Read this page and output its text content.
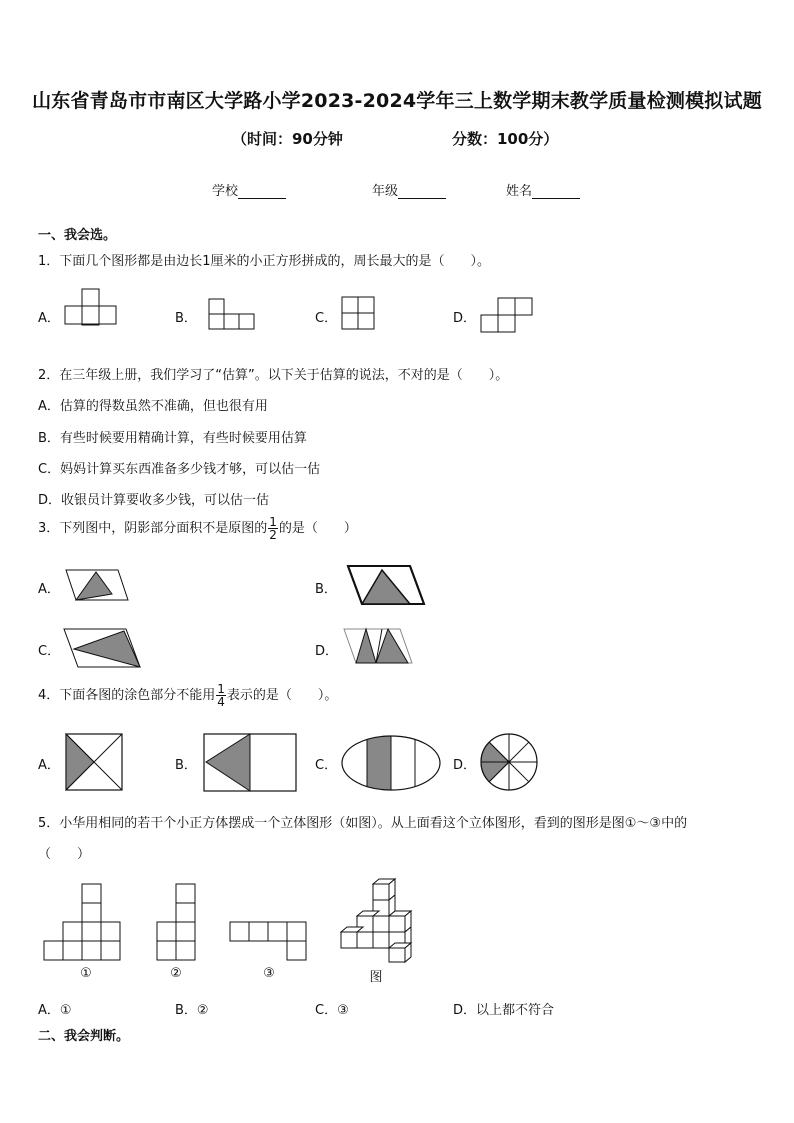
山东省青岛市市南区大学路小学2023-2024学年三上数学期末教学质量检测模拟试题
（时间：90分钟	分数：100分）
学校	年级	姓名
一、我会选。
1．下面几个图形都是由边长1厘米的小正方形拼成的，周长最大的是（　　）。
A．	B．	C．	D．
2．在三年级上册，我们学习了“估算”。以下关于估算的说法，不对的是（　　）。
A．估算的得数虽然不准确，但也很有用
B．有些时候要用精确计算，有些时候要用估算
C．妈妈计算买东西准备多少钱才够，可以估一估
D．收银员计算要收多少钱，可以估一估
3．下列图中，阴影部分面积不是原图的 $\frac{1}{2}$ 的是（　　）
A．	B．
C．	D．
4．下面各图的涂色部分不能用 $\frac{1}{4}$ 表示的是（　　）。
A．	B．	C．	D．
5．小华用相同的若干个小正方体摆成一个立体图形（如图）。从上面看这个立体图形，看到的图形是图①～③中的
（　　）
①	②	③	图
A．①	B．②	C．③	D．以上都不符合
二、我会判断。
